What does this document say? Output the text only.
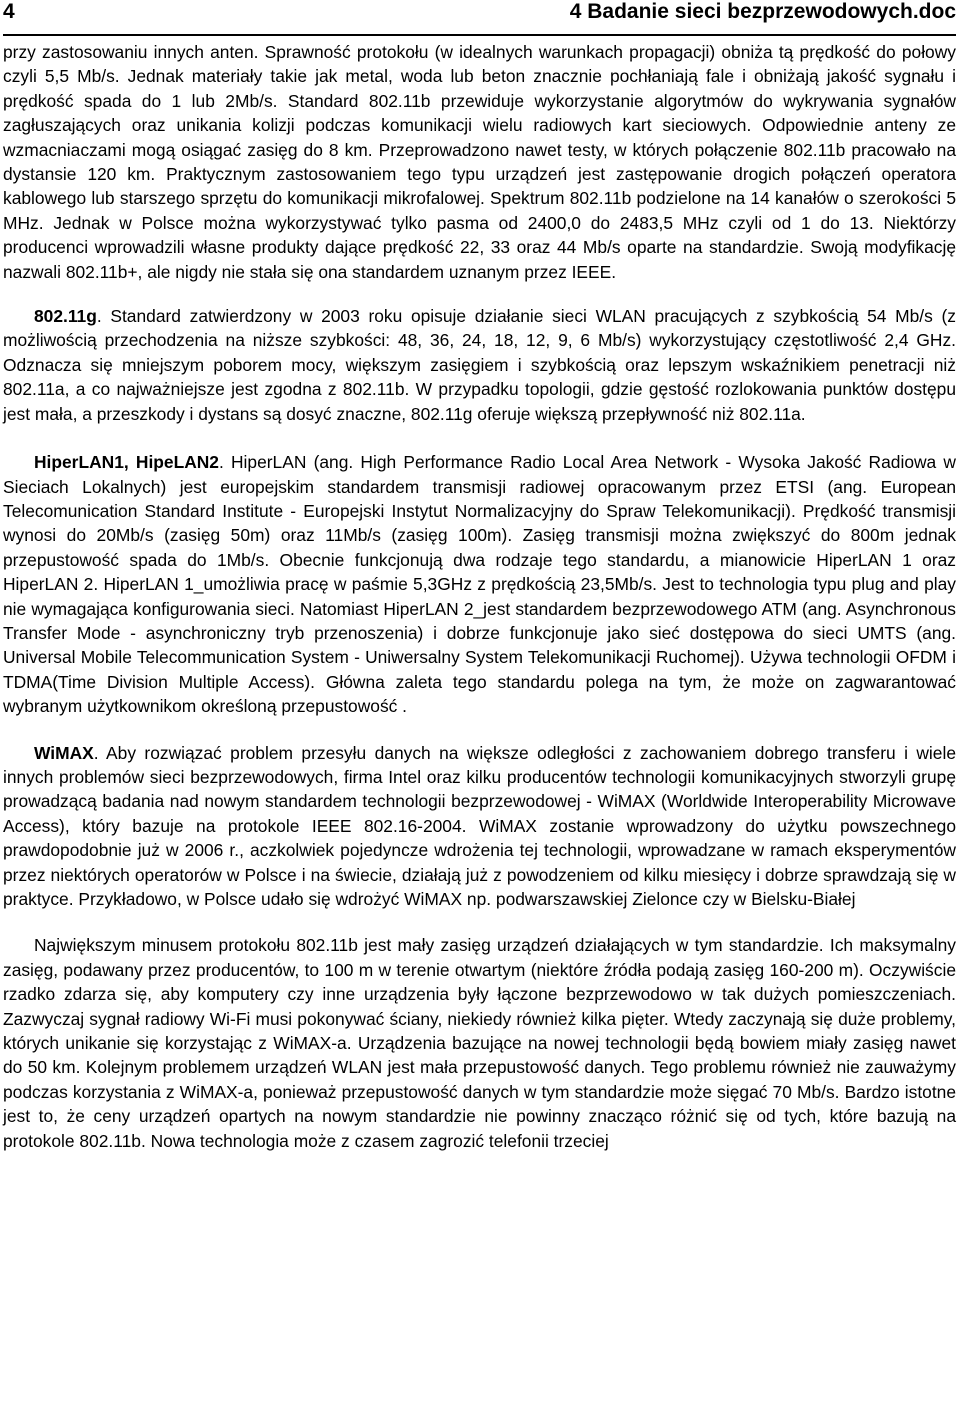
4	4 Badanie sieci bezprzewodowych.doc

przy zastosowaniu innych anten. Sprawność protokołu (w idealnych warunkach propagacji) obniża tą prędkość do połowy czyli 5,5 Mb/s. Jednak materiały takie jak metal, woda lub beton znacznie pochłaniają fale i obniżają jakość sygnału i prędkość spada do 1 lub 2Mb/s. Standard 802.11b przewiduje wykorzystanie algorytmów do wykrywania sygnałów zagłuszających oraz unikania kolizji podczas komunikacji wielu radiowych kart sieciowych. Odpowiednie anteny ze wzmacniaczami mogą osiągać zasięg do 8 km. Przeprowadzono nawet testy, w których połączenie 802.11b pracowało na dystansie 120 km. Praktycznym zastosowaniem tego typu urządzeń jest zastępowanie drogich połączeń operatora kablowego lub starszego sprzętu do komunikacji mikrofalowej. Spektrum 802.11b podzielone na 14 kanałów o szerokości 5 MHz. Jednak w Polsce można wykorzystywać tylko pasma od 2400,0 do 2483,5 MHz czyli od 1 do 13. Niektórzy producenci wprowadzili własne produkty dające prędkość 22, 33 oraz 44 Mb/s oparte na standardzie. Swoją modyfikację nazwali 802.11b+, ale nigdy nie stała się ona standardem uznanym przez IEEE.

802.11g. Standard zatwierdzony w 2003 roku opisuje działanie sieci WLAN pracujących z szybkością 54 Mb/s (z możliwością przechodzenia na niższe szybkości: 48, 36, 24, 18, 12, 9, 6 Mb/s) wykorzystujący częstotliwość 2,4 GHz. Odznacza się mniejszym poborem mocy, większym zasięgiem i szybkością oraz lepszym wskaźnikiem penetracji niż 802.11a, a co najważniejsze jest zgodna z 802.11b. W przypadku topologii, gdzie gęstość rozlokowania punktów dostępu jest mała, a przeszkody i dystans są dosyć znaczne, 802.11g oferuje większą przepływność niż 802.11a.

HiperLAN1, HipeLAN2. HiperLAN (ang. High Performance Radio Local Area Network - Wysoka Jakość Radiowa w Sieciach Lokalnych) jest europejskim standardem transmisji radiowej opracowanym przez ETSI (ang. European Telecomunication Standard Institute - Europejski Instytut Normalizacyjny do Spraw Telekomunikacji). Prędkość transmisji wynosi do 20Mb/s (zasięg 50m) oraz 11Mb/s (zasięg 100m). Zasięg transmisji można zwiększyć do 800m jednak przepustowość spada do 1Mb/s. Obecnie funkcjonują dwa rodzaje tego standardu, a mianowicie HiperLAN 1 oraz HiperLAN 2. HiperLAN 1_umożliwia pracę w paśmie 5,3GHz z prędkością 23,5Mb/s. Jest to technologia typu plug and play nie wymagająca konfigurowania sieci. Natomiast HiperLAN 2_jest standardem bezprzewodowego ATM (ang. Asynchronous Transfer Mode - asynchroniczny tryb przenoszenia) i dobrze funkcjonuje jako sieć dostępowa do sieci UMTS (ang. Universal Mobile Telecommunication System - Uniwersalny System Telekomunikacji Ruchomej). Używa technologii OFDM i TDMA(Time Division Multiple Access). Główna zaleta tego standardu polega na tym, że może on zagwarantować wybranym użytkownikom określoną przepustowość .

WiMAX. Aby rozwiązać problem przesyłu danych na większe odległości z zachowaniem dobrego transferu i wiele innych problemów sieci bezprzewodowych, firma Intel oraz kilku producentów technologii komunikacyjnych stworzyli grupę prowadzącą badania nad nowym standardem technologii bezprzewodowej - WiMAX (Worldwide Interoperability Microwave Access), który bazuje na protokole IEEE 802.16-2004. WiMAX zostanie wprowadzony do użytku powszechnego prawdopodobnie już w 2006 r., aczkolwiek pojedyncze wdrożenia tej technologii, wprowadzane w ramach eksperymentów przez niektórych operatorów w Polsce i na świecie, działają już z powodzeniem od kilku miesięcy i dobrze sprawdzają się w praktyce. Przykładowo, w Polsce udało się wdrożyć WiMAX np. podwarszawskiej Zielonce czy w Bielsku-Białej

Największym minusem protokołu 802.11b jest mały zasięg urządzeń działających w tym standardzie. Ich maksymalny zasięg, podawany przez producentów, to 100 m w terenie otwartym (niektóre źródła podają zasięg 160-200 m). Oczywiście rzadko zdarza się, aby komputery czy inne urządzenia były łączone bezprzewodowo w tak dużych pomieszczeniach. Zazwyczaj sygnał radiowy Wi-Fi musi pokonywać ściany, niekiedy również kilka pięter. Wtedy zaczynają się duże problemy, których unikanie się korzystając z WiMAX-a. Urządzenia bazujące na nowej technologii będą bowiem miały zasięg nawet do 50 km. Kolejnym problemem urządzeń WLAN jest mała przepustowość danych. Tego problemu również nie zauważymy podczas korzystania z WiMAX-a, ponieważ przepustowość danych w tym standardzie może sięgać 70 Mb/s. Bardzo istotne jest to, że ceny urządzeń opartych na nowym standardzie nie powinny znacząco różnić się od tych, które bazują na protokole 802.11b. Nowa technologia może z czasem zagrozić telefonii trzeciej
